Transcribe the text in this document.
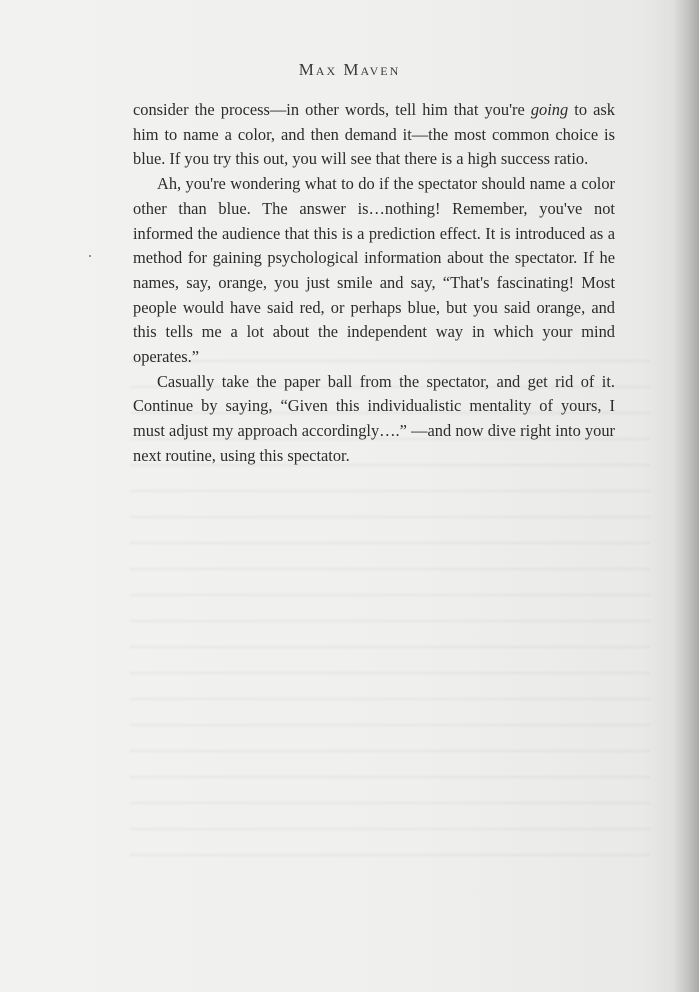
Max Maven

consider the process—in other words, tell him that you're going to ask him to name a color, and then demand it—the most common choice is blue. If you try this out, you will see that there is a high success ratio.

Ah, you're wondering what to do if the spectator should name a color other than blue. The answer is…nothing! Remember, you've not informed the audience that this is a prediction effect. It is introduced as a method for gaining psychological information about the spectator. If he names, say, orange, you just smile and say, “That's fascinating! Most people would have said red, or perhaps blue, but you said orange, and this tells me a lot about the independent way in which your mind operates.”

Casually take the paper ball from the spectator, and get rid of it. Continue by saying, “Given this individualistic mentality of yours, I must adjust my approach accordingly….” —and now dive right into your next routine, using this spectator.
